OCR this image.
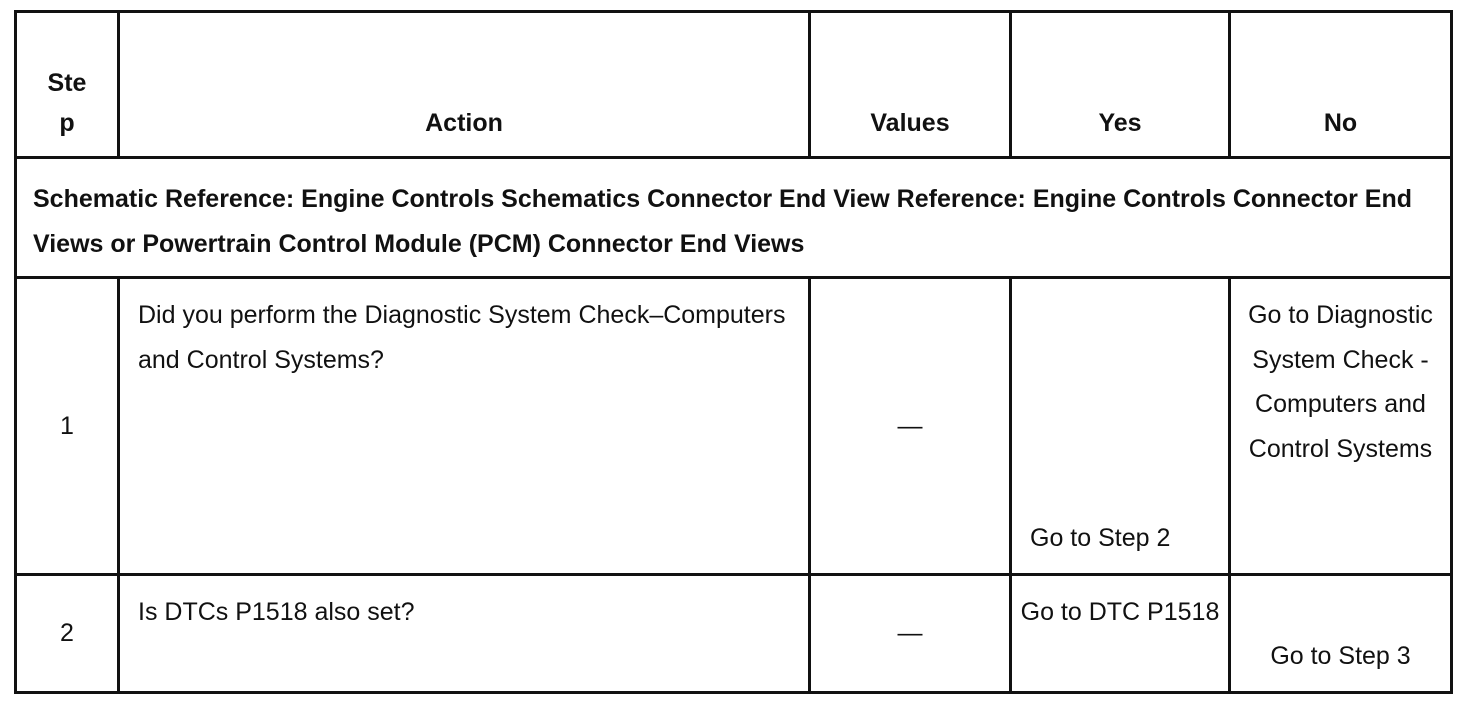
Step	Action	Values	Yes	No
Schematic Reference: Engine Controls Schematics Connector End View Reference: Engine Controls Connector End Views or Powertrain Control Module (PCM) Connector End Views				
1	Did you perform the Diagnostic System Check–Computers and Control Systems?	—	Go to Step 2	Go to Diagnostic System Check - Computers and Control Systems
2	Is DTCs P1518 also set?	—	Go to DTC P1518	Go to Step 3
